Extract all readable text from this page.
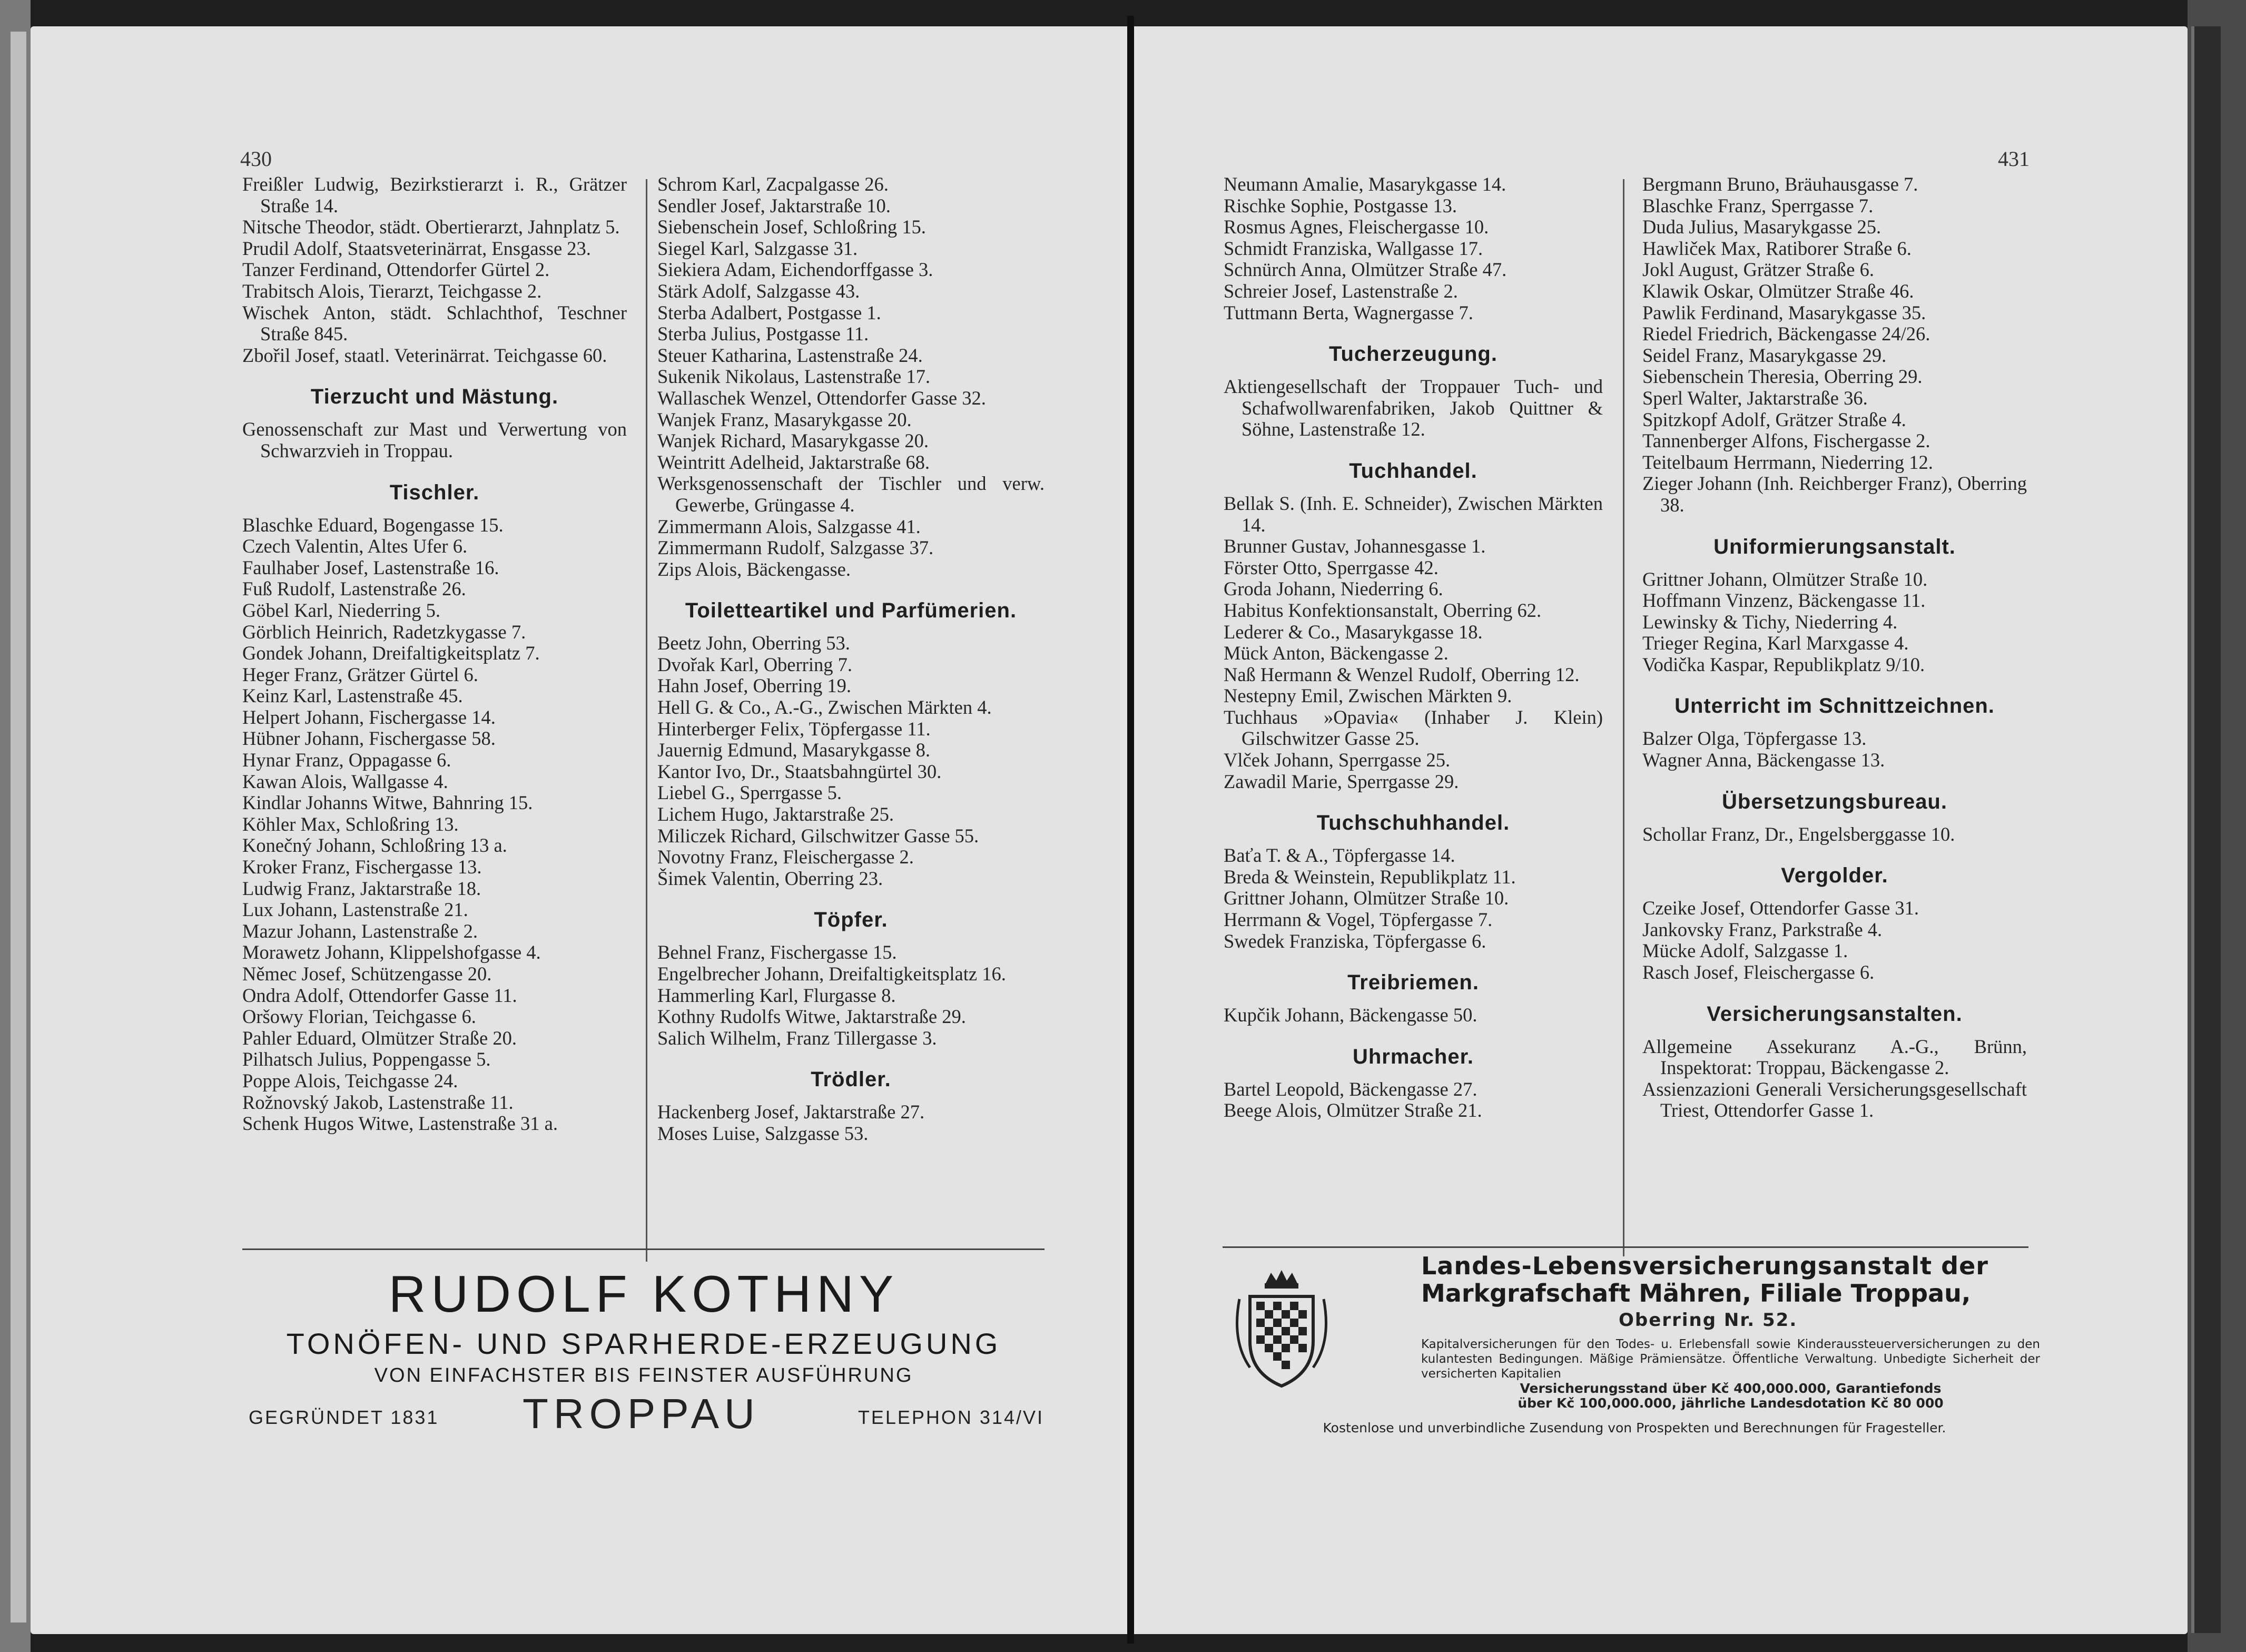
430
Freißler Ludwig, Bezirkstierarzt i. R., Grätzer Straße 14.
Nitsche Theodor, städt. Obertierarzt, Jahnplatz 5.
Prudil Adolf, Staatsveterinärrat, Ensgasse 23.
Tanzer Ferdinand, Ottendorfer Gürtel 2.
Trabitsch Alois, Tierarzt, Teichgasse 2.
Wischek Anton, städt. Schlachthof, Teschner Straße 845.
Zbořil Josef, staatl. Veterinärrat. Teichgasse 60.
Tierzucht und Mästung.
Genossenschaft zur Mast und Verwertung von Schwarzvieh in Troppau.
Tischler.
Blaschke Eduard, Bogengasse 15.
Czech Valentin, Altes Ufer 6.
Faulhaber Josef, Lastenstraße 16.
Fuß Rudolf, Lastenstraße 26.
Göbel Karl, Niederring 5.
Görblich Heinrich, Radetzkygasse 7.
Gondek Johann, Dreifaltigkeitsplatz 7.
Heger Franz, Grätzer Gürtel 6.
Keinz Karl, Lastenstraße 45.
Helpert Johann, Fischergasse 14.
Hübner Johann, Fischergasse 58.
Hynar Franz, Oppagasse 6.
Kawan Alois, Wallgasse 4.
Kindlar Johanns Witwe, Bahnring 15.
Köhler Max, Schloßring 13.
Konečný Johann, Schloßring 13 a.
Kroker Franz, Fischergasse 13.
Ludwig Franz, Jaktarstraße 18.
Lux Johann, Lastenstraße 21.
Mazur Johann, Lastenstraße 2.
Morawetz Johann, Klippelshofgasse 4.
Němec Josef, Schützengasse 20.
Ondra Adolf, Ottendorfer Gasse 11.
Oršowy Florian, Teichgasse 6.
Pahler Eduard, Olmützer Straße 20.
Pilhatsch Julius, Poppengasse 5.
Poppe Alois, Teichgasse 24.
Rožnovský Jakob, Lastenstraße 11.
Schenk Hugos Witwe, Lastenstraße 31 a.
Schrom Karl, Zacpalgasse 26.
Sendler Josef, Jaktarstraße 10.
Siebenschein Josef, Schloßring 15.
Siegel Karl, Salzgasse 31.
Siekiera Adam, Eichendorffgasse 3.
Stärk Adolf, Salzgasse 43.
Sterba Adalbert, Postgasse 1.
Sterba Julius, Postgasse 11.
Steuer Katharina, Lastenstraße 24.
Sukenik Nikolaus, Lastenstraße 17.
Wallaschek Wenzel, Ottendorfer Gasse 32.
Wanjek Franz, Masarykgasse 20.
Wanjek Richard, Masarykgasse 20.
Weintritt Adelheid, Jaktarstraße 68.
Werksgenossenschaft der Tischler und verw. Gewerbe, Grüngasse 4.
Zimmermann Alois, Salzgasse 41.
Zimmermann Rudolf, Salzgasse 37.
Zips Alois, Bäckengasse.
Toiletteartikel und Parfümerien.
Beetz John, Oberring 53.
Dvořak Karl, Oberring 7.
Hahn Josef, Oberring 19.
Hell G. & Co., A.-G., Zwischen Märkten 4.
Hinterberger Felix, Töpfergasse 11.
Jauernig Edmund, Masarykgasse 8.
Kantor Ivo, Dr., Staatsbahngürtel 30.
Liebel G., Sperrgasse 5.
Lichem Hugo, Jaktarstraße 25.
Miliczek Richard, Gilschwitzer Gasse 55.
Novotny Franz, Fleischergasse 2.
Šimek Valentin, Oberring 23.
Töpfer.
Behnel Franz, Fischergasse 15.
Engelbrecher Johann, Dreifaltigkeitsplatz 16.
Hammerling Karl, Flurgasse 8.
Kothny Rudolfs Witwe, Jaktarstraße 29.
Salich Wilhelm, Franz Tillergasse 3.
Trödler.
Hackenberg Josef, Jaktarstraße 27.
Moses Luise, Salzgasse 53.
RUDOLF KOTHNY
TONÖFEN- UND SPARHERDE-ERZEUGUNG
VON EINFACHSTER BIS FEINSTER AUSFÜHRUNG
GEGRÜNDET 1831 TROPPAU	TELEPHON 314/VI
431
Neumann Amalie, Masarykgasse 14.
Rischke Sophie, Postgasse 13.
Rosmus Agnes, Fleischergasse 10.
Schmidt Franziska, Wallgasse 17.
Schnürch Anna, Olmützer Straße 47.
Schreier Josef, Lastenstraße 2.
Tuttmann Berta, Wagnergasse 7.
Tucherzeugung.
Aktiengesellschaft der Troppauer Tuch- und Schafwollwarenfabriken, Jakob Quittner & Söhne, Lastenstraße 12.
Tuchhandel.
Bellak S. (Inh. E. Schneider), Zwischen Märkten 14.
Brunner Gustav, Johannesgasse 1.
Förster Otto, Sperrgasse 42.
Groda Johann, Niederring 6.
Habitus Konfektionsanstalt, Oberring 62.
Lederer & Co., Masarykgasse 18.
Mück Anton, Bäckengasse 2.
Naß Hermann & Wenzel Rudolf, Oberring 12.
Nestepny Emil, Zwischen Märkten 9.
Tuchhaus »Opavia« (Inhaber J. Klein) Gilschwitzer Gasse 25.
Vlček Johann, Sperrgasse 25.
Zawadil Marie, Sperrgasse 29.
Tuchschuhhandel.
Baťa T. & A., Töpfergasse 14.
Breda & Weinstein, Republikplatz 11.
Grittner Johann, Olmützer Straße 10.
Herrmann & Vogel, Töpfergasse 7.
Swedek Franziska, Töpfergasse 6.
Treibriemen.
Kupčik Johann, Bäckengasse 50.
Uhrmacher.
Bartel Leopold, Bäckengasse 27.
Beege Alois, Olmützer Straße 21.
Bergmann Bruno, Bräuhausgasse 7.
Blaschke Franz, Sperrgasse 7.
Duda Julius, Masarykgasse 25.
Hawliček Max, Ratiborer Straße 6.
Jokl August, Grätzer Straße 6.
Klawik Oskar, Olmützer Straße 46.
Pawlik Ferdinand, Masarykgasse 35.
Riedel Friedrich, Bäckengasse 24/26.
Seidel Franz, Masarykgasse 29.
Siebenschein Theresia, Oberring 29.
Sperl Walter, Jaktarstraße 36.
Spitzkopf Adolf, Grätzer Straße 4.
Tannenberger Alfons, Fischergasse 2.
Teitelbaum Herrmann, Niederring 12.
Zieger Johann (Inh. Reichberger Franz), Oberring 38.
Uniformierungsanstalt.
Grittner Johann, Olmützer Straße 10.
Hoffmann Vinzenz, Bäckengasse 11.
Lewinsky & Tichy, Niederring 4.
Trieger Regina, Karl Marxgasse 4.
Vodička Kaspar, Republikplatz 9/10.
Unterricht im Schnittzeichnen.
Balzer Olga, Töpfergasse 13.
Wagner Anna, Bäckengasse 13.
Übersetzungsbureau.
Schollar Franz, Dr., Engelsberggasse 10.
Vergolder.
Czeike Josef, Ottendorfer Gasse 31.
Jankovsky Franz, Parkstraße 4.
Mücke Adolf, Salzgasse 1.
Rasch Josef, Fleischergasse 6.
Versicherungsanstalten.
Allgemeine Assekuranz A.-G., Brünn, Inspektorat: Troppau, Bäckengasse 2.
Assienzazioni Generali Versicherungsgesellschaft Triest, Ottendorfer Gasse 1.
Landes-Lebensversicherungsanstalt der
Markgrafschaft Mähren, Filiale Troppau,
Oberring Nr. 52.
Kapitalversicherungen für den Todes- u. Erlebensfall sowie Kinderaussteuerversicherungen zu den kulantesten Bedingungen. Mäßige Prämiensätze. Öffentliche Verwaltung. Unbedigte Sicherheit der versicherten Kapitalien
Versicherungsstand über Kč 400,000.000, Garantiefonds
über Kč 100,000.000, jährliche Landesdotation Kč 80 000
Kostenlose und unverbindliche Zusendung von Prospekten und Berechnungen für Fragesteller.
